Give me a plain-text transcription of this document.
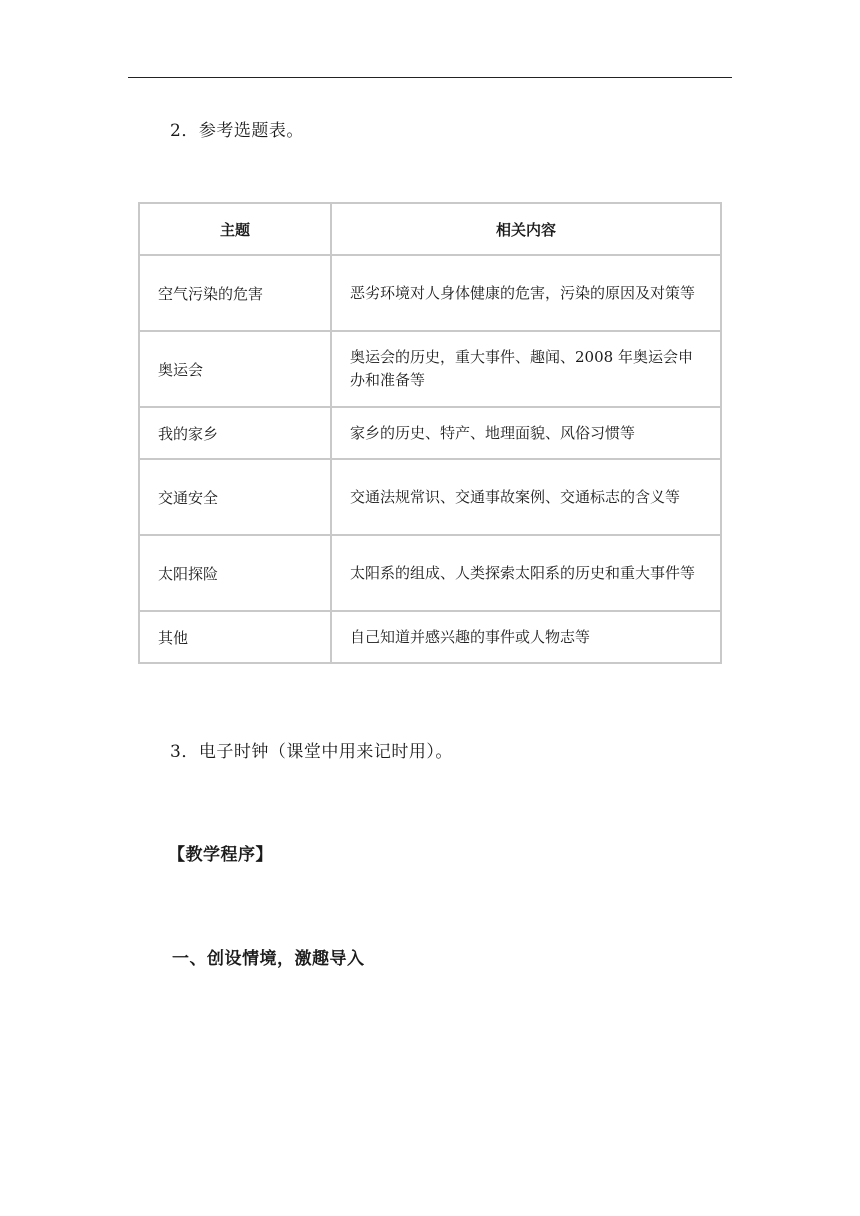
2．参考选题表。
主题	相关内容
空气污染的危害	恶劣环境对人身体健康的危害，污染的原因及对策等
奥运会	奥运会的历史，重大事件、趣闻、2008 年奥运会申办和准备等
我的家乡	家乡的历史、特产、地理面貌、风俗习惯等
交通安全	交通法规常识、交通事故案例、交通标志的含义等
太阳探险	太阳系的组成、人类探索太阳系的历史和重大事件等
其他	自己知道并感兴趣的事件或人物志等
3．电子时钟（课堂中用来记时用）。
【教学程序】
一、创设情境，激趣导入
